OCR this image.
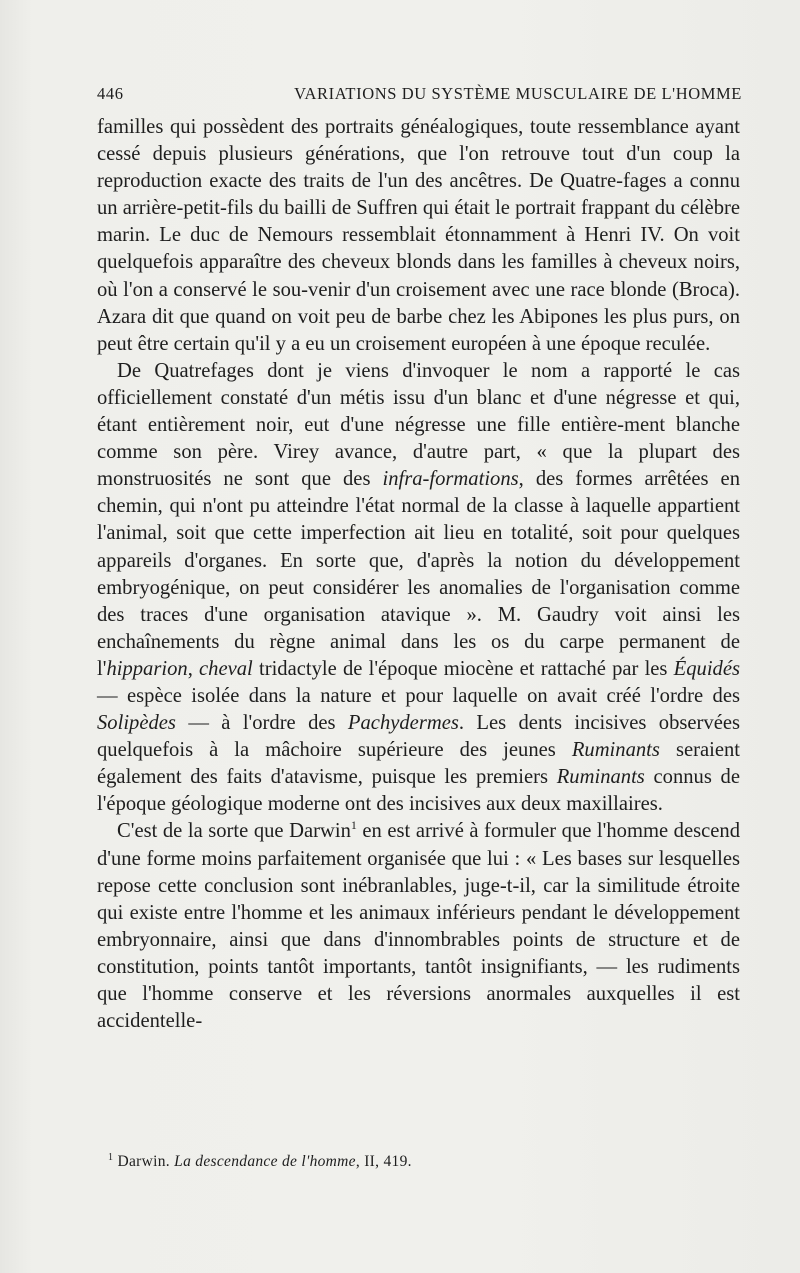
446	VARIATIONS DU SYSTÈME MUSCULAIRE DE L'HOMME

familles qui possèdent des portraits généalogiques, toute ressemblance ayant cessé depuis plusieurs générations, que l'on retrouve tout d'un coup la reproduction exacte des traits de l'un des ancêtres. De Quatre-fages a connu un arrière-petit-fils du bailli de Suffren qui était le portrait frappant du célèbre marin. Le duc de Nemours ressemblait étonnamment à Henri IV. On voit quelquefois apparaître des cheveux blonds dans les familles à cheveux noirs, où l'on a conservé le sou-venir d'un croisement avec une race blonde (Broca). Azara dit que quand on voit peu de barbe chez les Abipones les plus purs, on peut être certain qu'il y a eu un croisement européen à une époque reculée.

De Quatrefages dont je viens d'invoquer le nom a rapporté le cas officiellement constaté d'un métis issu d'un blanc et d'une négresse et qui, étant entièrement noir, eut d'une négresse une fille entière-ment blanche comme son père. Virey avance, d'autre part, « que la plupart des monstruosités ne sont que des infra-formations, des formes arrêtées en chemin, qui n'ont pu atteindre l'état normal de la classe à laquelle appartient l'animal, soit que cette imperfection ait lieu en totalité, soit pour quelques appareils d'organes. En sorte que, d'après la notion du développement embryogénique, on peut considérer les anomalies de l'organisation comme des traces d'une organisation atavique ». M. Gaudry voit ainsi les enchaînements du règne animal dans les os du carpe permanent de l'hipparion, cheval tridactyle de l'époque miocène et rattaché par les Équidés — espèce isolée dans la nature et pour laquelle on avait créé l'ordre des Solipèdes — à l'ordre des Pachydermes. Les dents incisives observées quelquefois à la mâchoire supérieure des jeunes Ruminants seraient également des faits d'atavisme, puisque les premiers Ruminants connus de l'époque géologique moderne ont des incisives aux deux maxillaires.

C'est de la sorte que Darwin$^1$ en est arrivé à formuler que l'homme descend d'une forme moins parfaitement organisée que lui : « Les bases sur lesquelles repose cette conclusion sont inébranlables, juge-t-il, car la similitude étroite qui existe entre l'homme et les animaux inférieurs pendant le développement embryonnaire, ainsi que dans d'innombrables points de structure et de constitution, points tantôt importants, tantôt insignifiants, — les rudiments que l'homme conserve et les réversions anormales auxquelles il est accidentelle-

$^1$ Darwin. La descendance de l'homme, II, 419.
